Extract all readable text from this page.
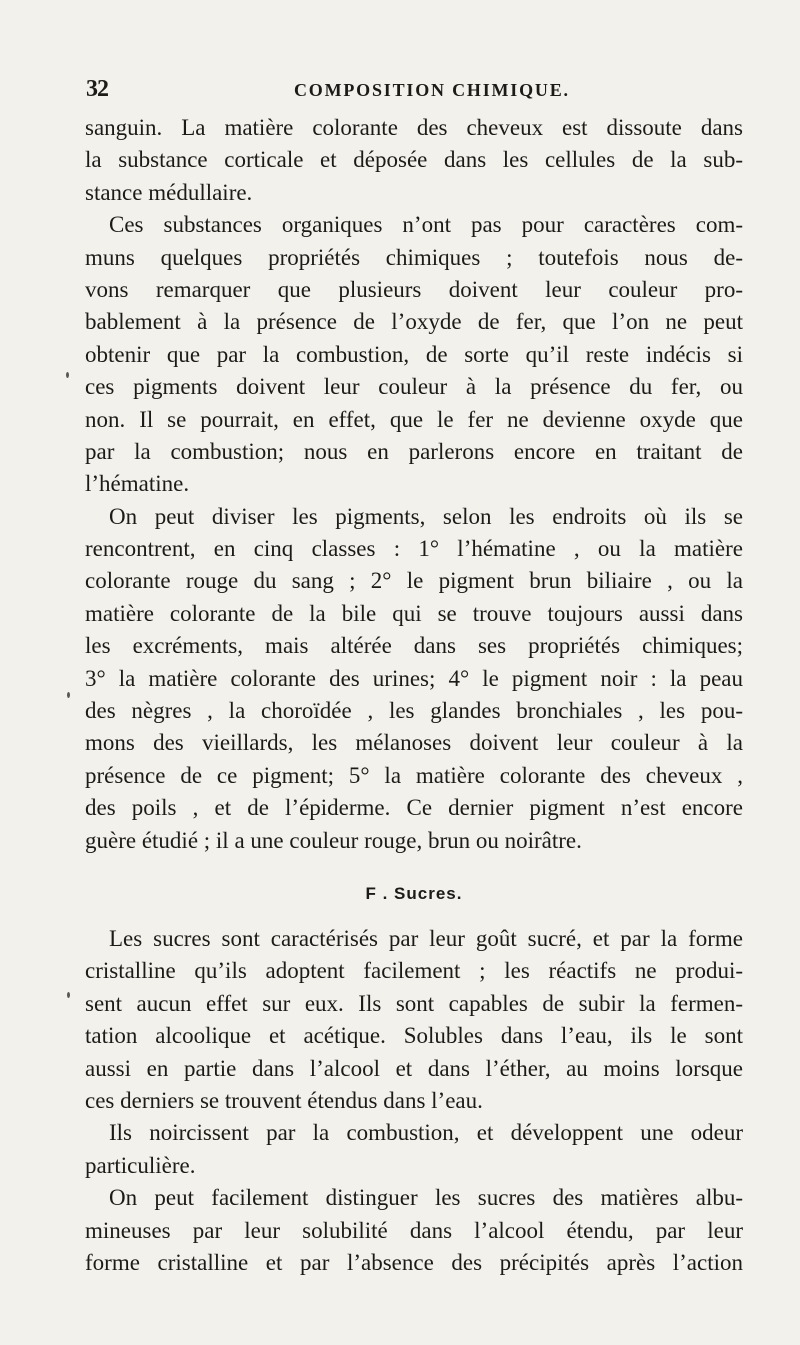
32	COMPOSITION CHIMIQUE.
sanguin. La matière colorante des cheveux est dissoute dans
la substance corticale et déposée dans les cellules de la sub-
stance médullaire.
Ces substances organiques n’ont pas pour caractères com-
muns quelques propriétés chimiques ; toutefois nous de-
vons remarquer que plusieurs doivent leur couleur pro-
bablement à la présence de l’oxyde de fer, que l’on ne peut
obtenir que par la combustion, de sorte qu’il reste indécis si
ces pigments doivent leur couleur à la présence du fer, ou
non. Il se pourrait, en effet, que le fer ne devienne oxyde que
par la combustion; nous en parlerons encore en traitant de
l’hématine.
On peut diviser les pigments, selon les endroits où ils se
rencontrent, en cinq classes : 1° l’hématine , ou la matière
colorante rouge du sang ; 2° le pigment brun biliaire , ou la
matière colorante de la bile qui se trouve toujours aussi dans
les excréments, mais altérée dans ses propriétés chimiques;
3° la matière colorante des urines; 4° le pigment noir : la peau
des nègres , la choroïdée , les glandes bronchiales , les pou-
mons des vieillards, les mélanoses doivent leur couleur à la
présence de ce pigment; 5° la matière colorante des cheveux ,
des poils , et de l’épiderme. Ce dernier pigment n’est encore
guère étudié ; il a une couleur rouge, brun ou noirâtre.
F . Sucres.
Les sucres sont caractérisés par leur goût sucré, et par la forme
cristalline qu’ils adoptent facilement ; les réactifs ne produi-
sent aucun effet sur eux. Ils sont capables de subir la fermen-
tation alcoolique et acétique. Solubles dans l’eau, ils le sont
aussi en partie dans l’alcool et dans l’éther, au moins lorsque
ces derniers se trouvent étendus dans l’eau.
Ils noircissent par la combustion, et développent une odeur
particulière.
On peut facilement distinguer les sucres des matières albu-
mineuses par leur solubilité dans l’alcool étendu, par leur
forme cristalline et par l’absence des précipités après l’action
